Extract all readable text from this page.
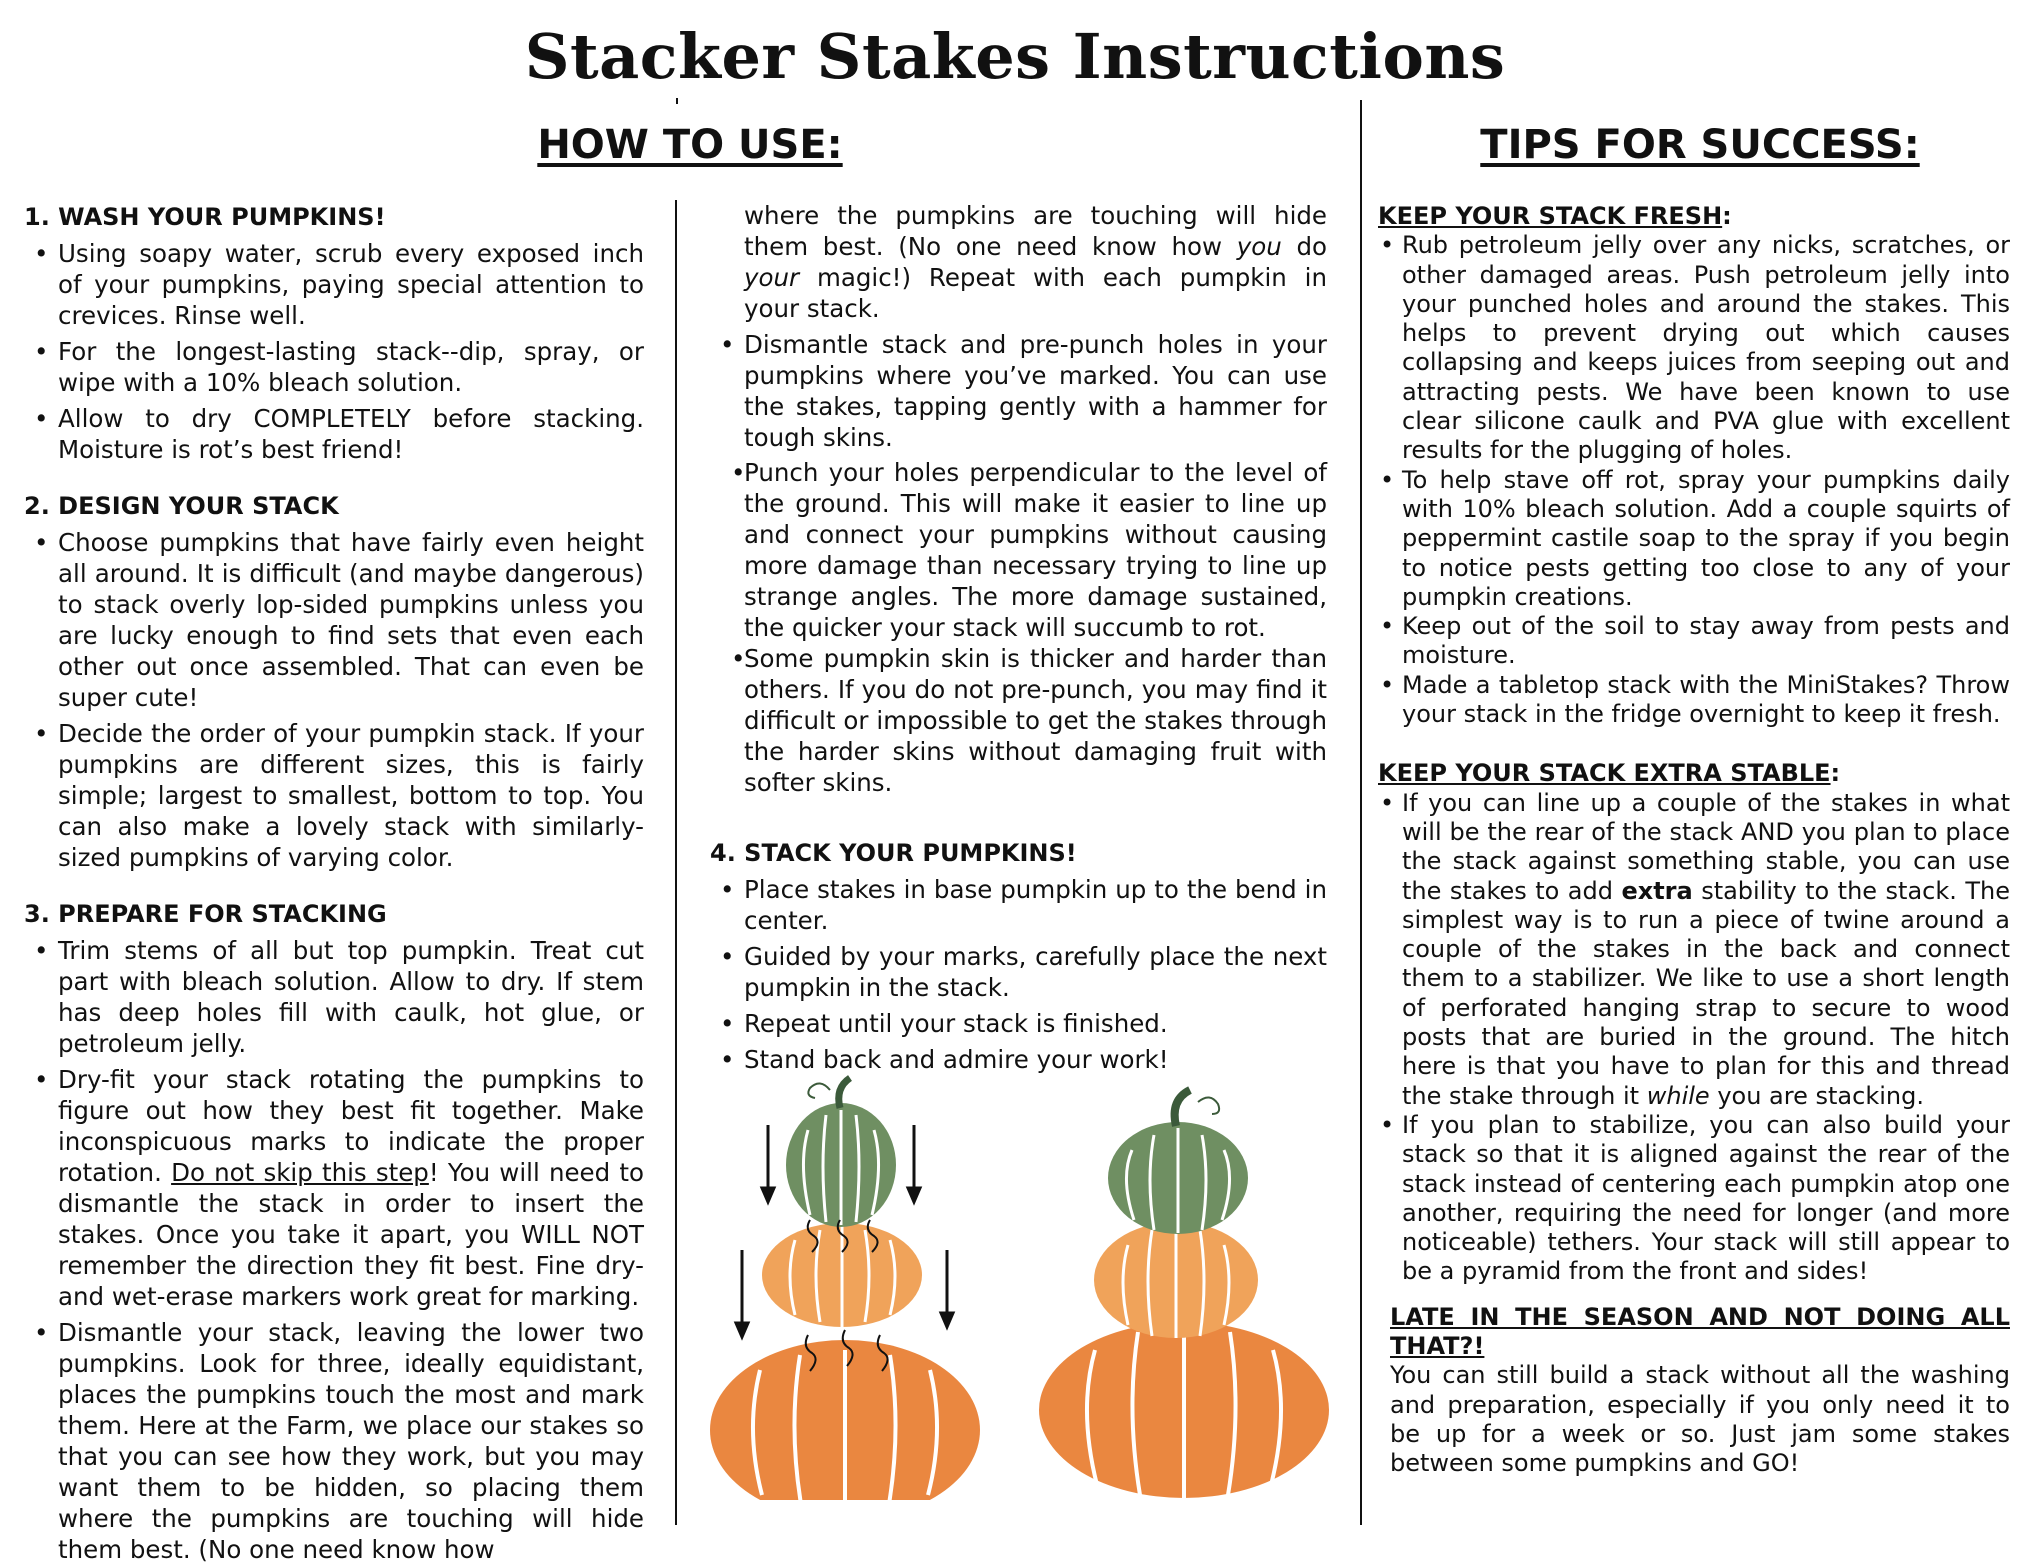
Stacker Stakes Instructions
HOW TO USE:	TIPS FOR SUCCESS:

1. WASH YOUR PUMPKINS!

• Using soapy water, scrub every exposed inch of your pumpkins, paying special attention to crevices. Rinse well.
• For the longest-lasting stack--dip, spray, or wipe with a 10% bleach solution.
• Allow to dry COMPLETELY before stacking. Moisture is rot’s best friend!

2. DESIGN YOUR STACK

• Choose pumpkins that have fairly even height all around. It is difficult (and maybe dangerous) to stack overly lop-sided pumpkins unless you are lucky enough to find sets that even each other out once assembled. That can even be super cute!
• Decide the order of your pumpkin stack. If your pumpkins are different sizes, this is fairly simple; largest to smallest, bottom to top. You can also make a lovely stack with similarly-sized pumpkins of varying color.

3. PREPARE FOR STACKING

• Trim stems of all but top pumpkin. Treat cut part with bleach solution. Allow to dry. If stem has deep holes fill with caulk, hot glue, or petroleum jelly.
• Dry-fit your stack rotating the pumpkins to figure out how they best fit together. Make inconspicuous marks to indicate the proper rotation. Do not skip this step! You will need to dismantle the stack in order to insert the stakes. Once you take it apart, you WILL NOT remember the direction they fit best. Fine dry- and wet-erase markers work great for marking.
• Dismantle your stack, leaving the lower two pumpkins. Look for three, ideally equidistant, places the pumpkins touch the most and mark them. Here at the Farm, we place our stakes so that you can see how they work, but you may want them to be hidden, so placing them where the pumpkins are touching will hide them best. (No one need know how

where the pumpkins are touching will hide them best. (No one need know how you do your magic!) Repeat with each pumpkin in your stack.

• Dismantle stack and pre-punch holes in your pumpkins where you’ve marked. You can use the stakes, tapping gently with a hammer for tough skins.
• Punch your holes perpendicular to the level of the ground. This will make it easier to line up and connect your pumpkins without causing more damage than necessary trying to line up strange angles. The more damage sustained, the quicker your stack will succumb to rot.
• Some pumpkin skin is thicker and harder than others. If you do not pre-punch, you may find it difficult or impossible to get the stakes through the harder skins without damaging fruit with softer skins.

4. STACK YOUR PUMPKINS!

• Place stakes in base pumpkin up to the bend in center.
• Guided by your marks, carefully place the next pumpkin in the stack.
• Repeat until your stack is finished.
• Stand back and admire your work!

KEEP YOUR STACK FRESH:

• Rub petroleum jelly over any nicks, scratches, or other damaged areas. Push petroleum jelly into your punched holes and around the stakes. This helps to prevent drying out which causes collapsing and keeps juices from seeping out and attracting pests. We have been known to use clear silicone caulk and PVA glue with excellent results for the plugging of holes.
• To help stave off rot, spray your pumpkins daily with 10% bleach solution. Add a couple squirts of peppermint castile soap to the spray if you begin to notice pests getting too close to any of your pumpkin creations.
• Keep out of the soil to stay away from pests and moisture.
• Made a tabletop stack with the MiniStakes? Throw your stack in the fridge overnight to keep it fresh.

KEEP YOUR STACK EXTRA STABLE:

• If you can line up a couple of the stakes in what will be the rear of the stack AND you plan to place the stack against something stable, you can use the stakes to add extra stability to the stack. The simplest way is to run a piece of twine around a couple of the stakes in the back and connect them to a stabilizer. We like to use a short length of perforated hanging strap to secure to wood posts that are buried in the ground. The hitch here is that you have to plan for this and thread the stake through it while you are stacking.
• If you plan to stabilize, you can also build your stack so that it is aligned against the rear of the stack instead of centering each pumpkin atop one another, requiring the need for longer (and more noticeable) tethers. Your stack will still appear to be a pyramid from the front and sides!

LATE IN THE SEASON AND NOT DOING ALL THAT?!

You can still build a stack without all the washing and preparation, especially if you only need it to be up for a week or so. Just jam some stakes between some pumpkins and GO!
